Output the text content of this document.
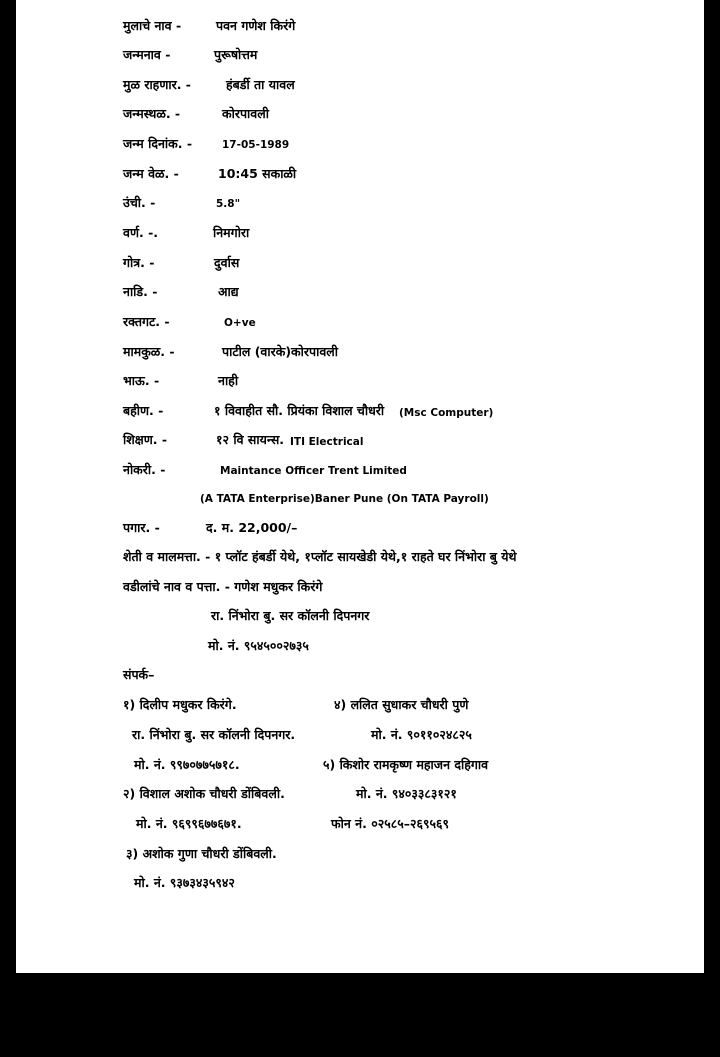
मुलाचे नाव -	पवन गणेश किरंगे
जन्मनाव -	पुरूषोत्तम
मुळ राहणार. -	हंबर्डी ता यावल
जन्मस्थळ. -	कोरपावली
जन्म दिनांक. -	17-05-1989
जन्म वेळ. -	10:45 सकाळी
उंची. -	5.8"
वर्ण. -.	निमगोरा
गोत्र. -	दुर्वास
नाडि. -	आद्य
रक्तगट. -	O+ve
मामकुळ. -	पाटील (वारके)कोरपावली
भाऊ. -	नाही
बहीण. -	१ विवाहीत सौ. प्रियंका विशाल चौधरी (Msc Computer)
शिक्षण. -	१२ वि सायन्स. ITI Electrical
नोकरी. -	Maintance Officer Trent Limited
(A TATA Enterprise)Baner Pune (On TATA Payroll)
पगार. -	द. म. 22,000/–
शेती व मालमत्ता. - १ प्लॉट हंबर्डी येथे, १प्लॉट सायखेडी येथे,१ राहते घर निंभोरा बु येथे
वडीलांचे नाव व पत्ता. - गणेश मधुकर किरंगे
रा. निंभोरा बु. सर कॉलनी दिपनगर
मो. नं. ९५४५००२७३५
संपर्क–
१) दिलीप मधुकर किरंगे.
रा. निंभोरा बु. सर कॉलनी दिपनगर.
मो. नं. ९९७०७७५७१८.
२) विशाल अशोक चौधरी डोंबिवली.
मो. नं. ९६९९६७७६७१.
३) अशोक गुणा चौधरी डोंबिवली.
मो. नं. ९३७३४३५९४२
४) ललित सुधाकर चौधरी पुणे
मो. नं. ९०११०२४८२५
५) किशोर रामकृष्ण महाजन दहिगाव
मो. नं. ९४०३३८३१२१
फोन नं. ०२५८५–२६९५६९
